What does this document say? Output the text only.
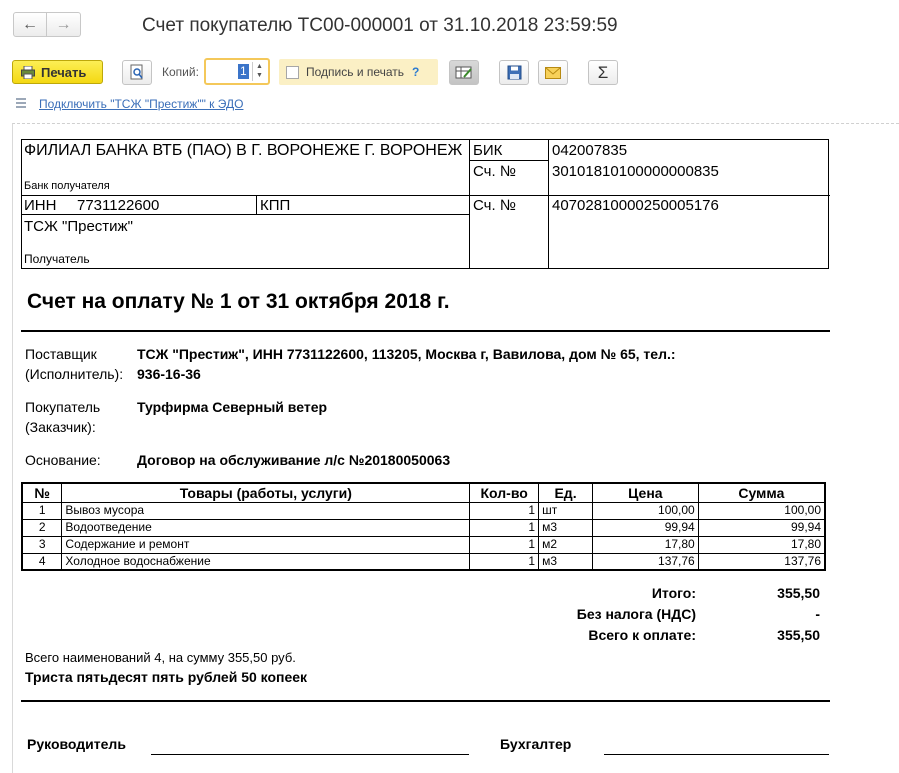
← →	Счет покупателю ТС00-000001 от 31.10.2018 23:59:59
Печать	Копий:	1	▲
▼	Подпись и печать ?	Σ
Подключить "ТСЖ "Престиж"" к ЭДО
ФИЛИАЛ БАНКА ВТБ (ПАО) В Г. ВОРОНЕЖЕ Г. ВОРОНЕЖ
Банк получателя
БИК	042007835
Сч. № 30101810100000000835
ИНН 7731122600	КПП	Сч. № 40702810000250005176
ТСЖ "Престиж"
Получатель
Счет на оплату № 1 от 31 октября 2018 г.
Поставщик
(Исполнитель):
ТСЖ "Престиж", ИНН 7731122600, 113205, Москва г, Вавилова, дом № 65, тел.:
936-16-36
Покупатель
(Заказчик):
Турфирма Северный ветер
Основание:	Договор на обслуживание л/с №20180050063
№	Товары (работы, услуги)	Кол-во	Ед.	Цена	Сумма
1	Вывоз мусора	1	шт	100,00	100,00
2	Водоотведение	1	м3	99,94	99,94
3	Содержание и ремонт	1	м2	17,80	17,80
4	Холодное водоснабжение	1	м3	137,76	137,76
Итого:	355,50
Без налога (НДС)	-
Всего к оплате:	355,50
Всего наименований 4, на сумму 355,50 руб.
Триста пятьдесят пять рублей 50 копеек
Руководитель	Бухгалтер
